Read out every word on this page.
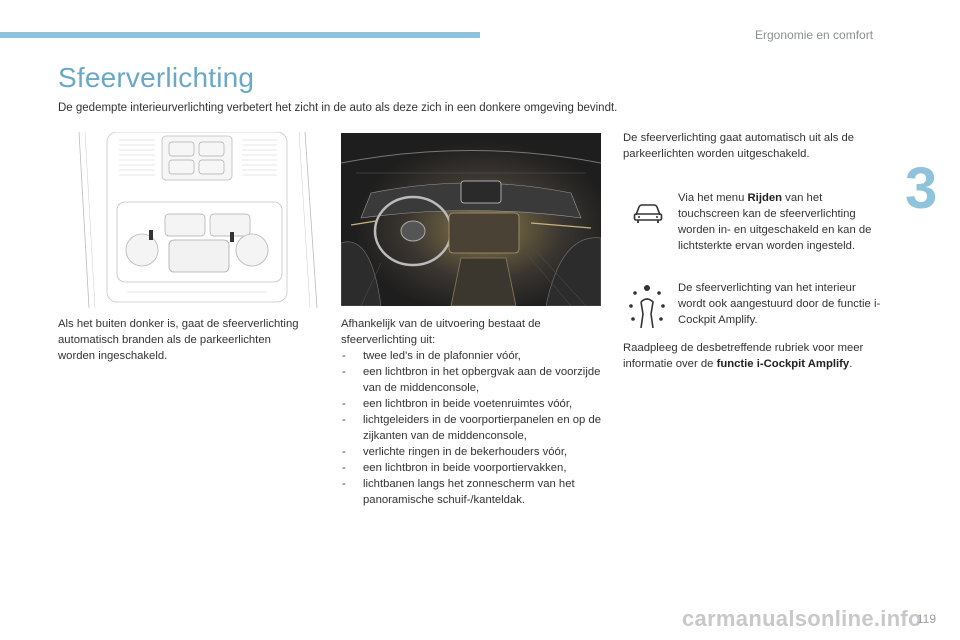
Ergonomie en comfort
3
Sfeerverlichting
De gedempte interieurverlichting verbetert het zicht in de auto als deze zich in een donkere omgeving bevindt.
Als het buiten donker is, gaat de sfeerverlichting automatisch branden als de parkeerlichten worden ingeschakeld.
Afhankelijk van de uitvoering bestaat de sfeerverlichting uit:
- twee led's in de plafonnier vóór,
- een lichtbron in het opbergvak aan de voorzijde van de middenconsole,
- een lichtbron in beide voetenruimtes vóór,
- lichtgeleiders in de voorportierpanelen en op de zijkanten van de middenconsole,
- verlichte ringen in de bekerhouders vóór,
- een lichtbron in beide voorportiervakken,
- lichtbanen langs het zonnescherm van het panoramische schuif-/kanteldak.
De sfeerverlichting gaat automatisch uit als de parkeerlichten worden uitgeschakeld.
Via het menu Rijden van het touchscreen kan de sfeerverlichting worden in- en uitgeschakeld en kan de lichtsterkte ervan worden ingesteld.
De sfeerverlichting van het interieur wordt ook aangestuurd door de functie i-Cockpit Amplify.
Raadpleeg de desbetreffende rubriek voor meer informatie over de functie i-Cockpit Amplify.
carmanualsonline.info
119
